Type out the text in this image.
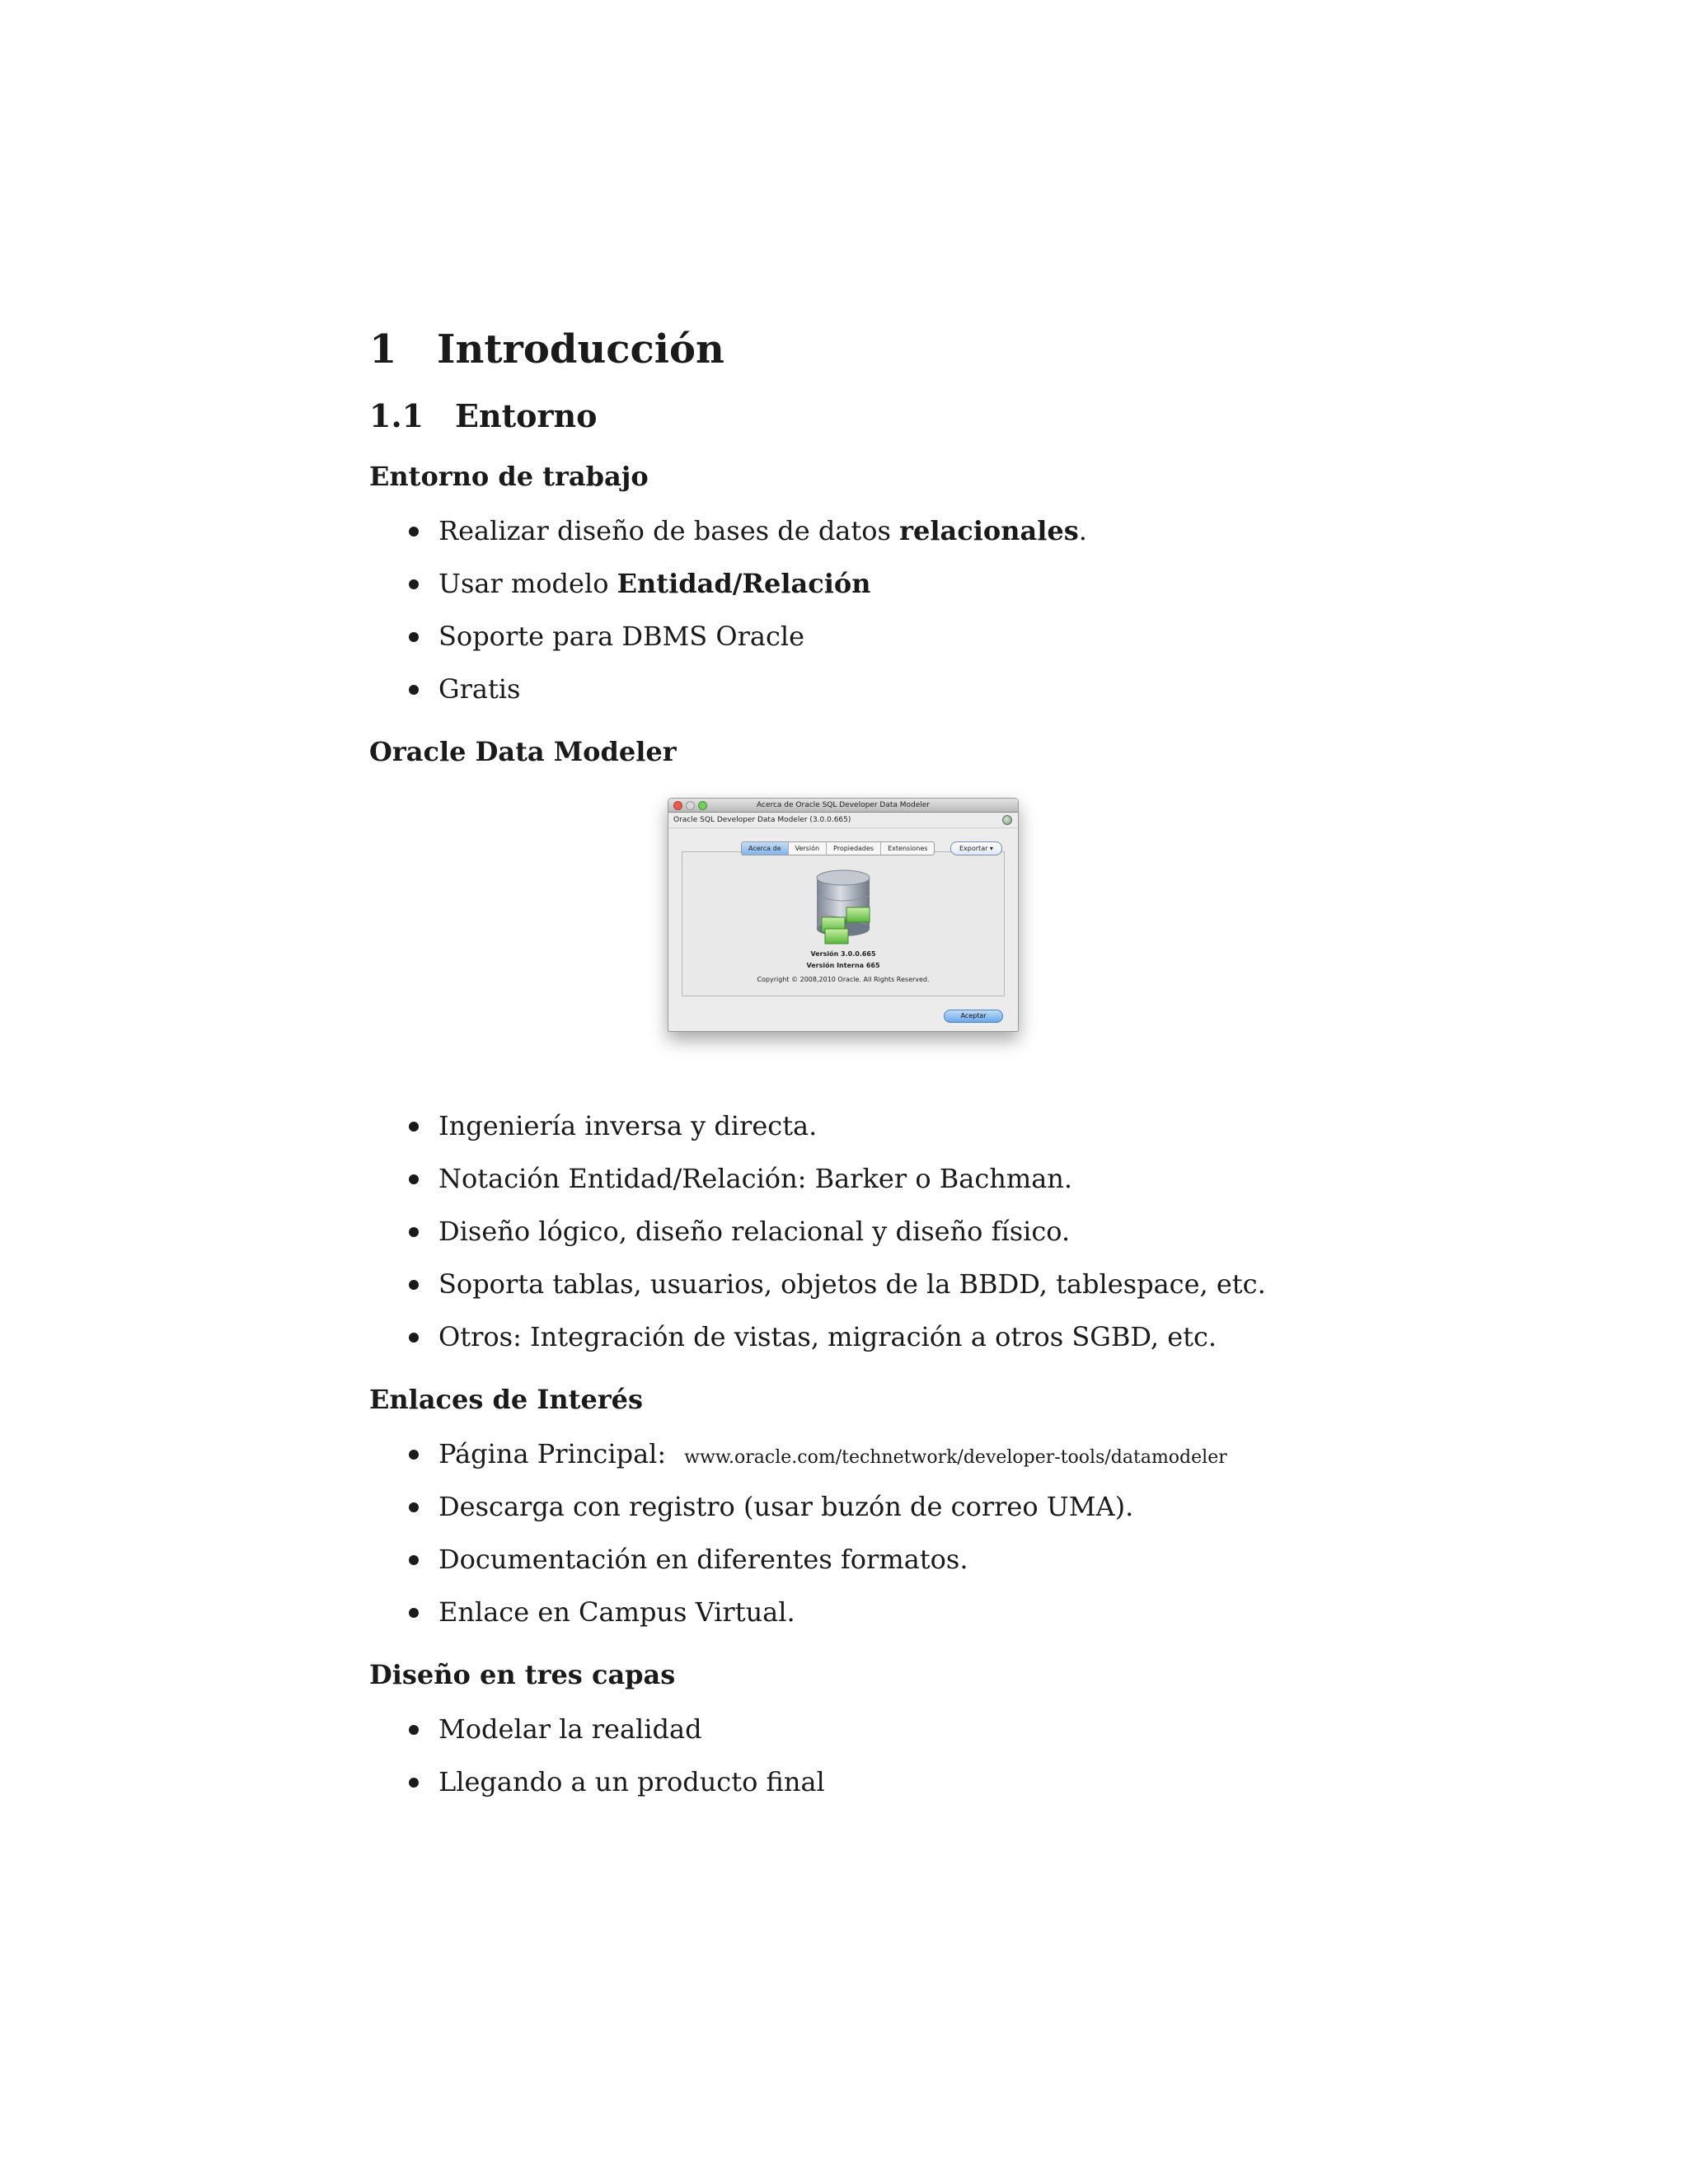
1	Introducción
1.1 Entorno
Entorno de trabajo
Realizar diseño de bases de datos relacionales.
Usar modelo Entidad/Relación
Soporte para DBMS Oracle
Gratis
Oracle Data Modeler
Acerca de Oracle SQL Developer Data Modeler
Oracle SQL Developer Data Modeler (3.0.0.665)
Acerca de	Versión	Propiedades	Extensiones	Exportar ▾
Versión 3.0.0.665
Versión Interna 665
Copyright © 2008,2010 Oracle. All Rights Reserved.
Aceptar
Ingeniería inversa y directa.
Notación Entidad/Relación: Barker o Bachman.
Diseño lógico, diseño relacional y diseño físico.
Soporta tablas, usuarios, objetos de la BBDD, tablespace, etc.
Otros: Integración de vistas, migración a otros SGBD, etc.
Enlaces de Interés
Página Principal: www.oracle.com/technetwork/developer-tools/datamodeler
Descarga con registro (usar buzón de correo UMA).
Documentación en diferentes formatos.
Enlace en Campus Virtual.
Diseño en tres capas
Modelar la realidad
Llegando a un producto final
